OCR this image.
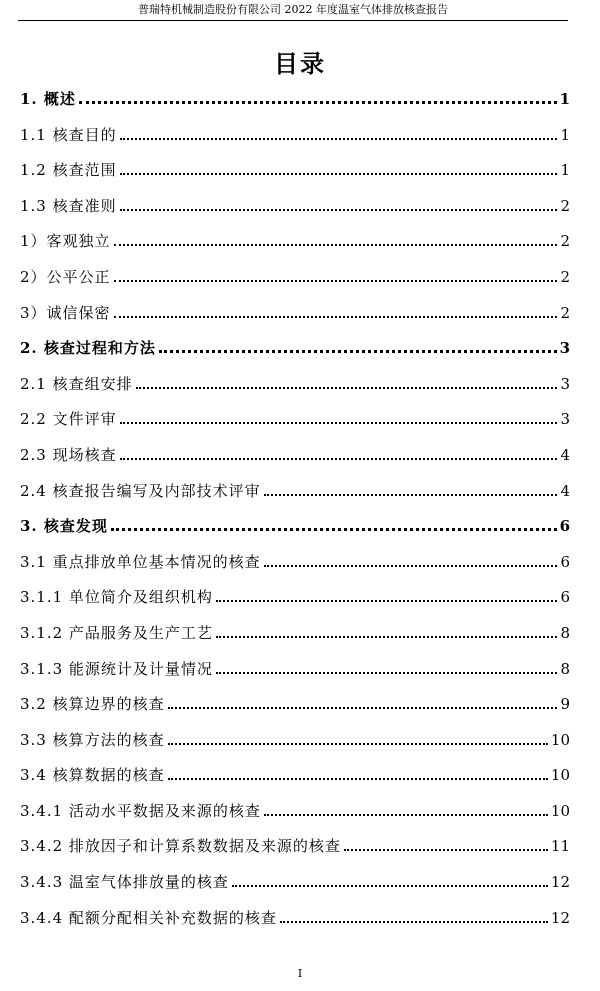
普瑞特机械制造股份有限公司 2022 年度温室气体排放核查报告
目录
1. 概述	1
1.1 核查目的	1
1.2 核查范围	1
1.3 核查准则	2
1）客观独立	2
2）公平公正	2
3）诚信保密	2
2. 核查过程和方法	3
2.1 核查组安排	3
2.2 文件评审	3
2.3 现场核查	4
2.4 核查报告编写及内部技术评审	4
3. 核查发现	6
3.1 重点排放单位基本情况的核查	6
3.1.1 单位简介及组织机构	6
3.1.2 产品服务及生产工艺	8
3.1.3 能源统计及计量情况	8
3.2 核算边界的核查	9
3.3 核算方法的核查	10
3.4 核算数据的核查	10
3.4.1 活动水平数据及来源的核查	10
3.4.2 排放因子和计算系数数据及来源的核查	11
3.4.3 温室气体排放量的核查	12
3.4.4 配额分配相关补充数据的核查	12
I
